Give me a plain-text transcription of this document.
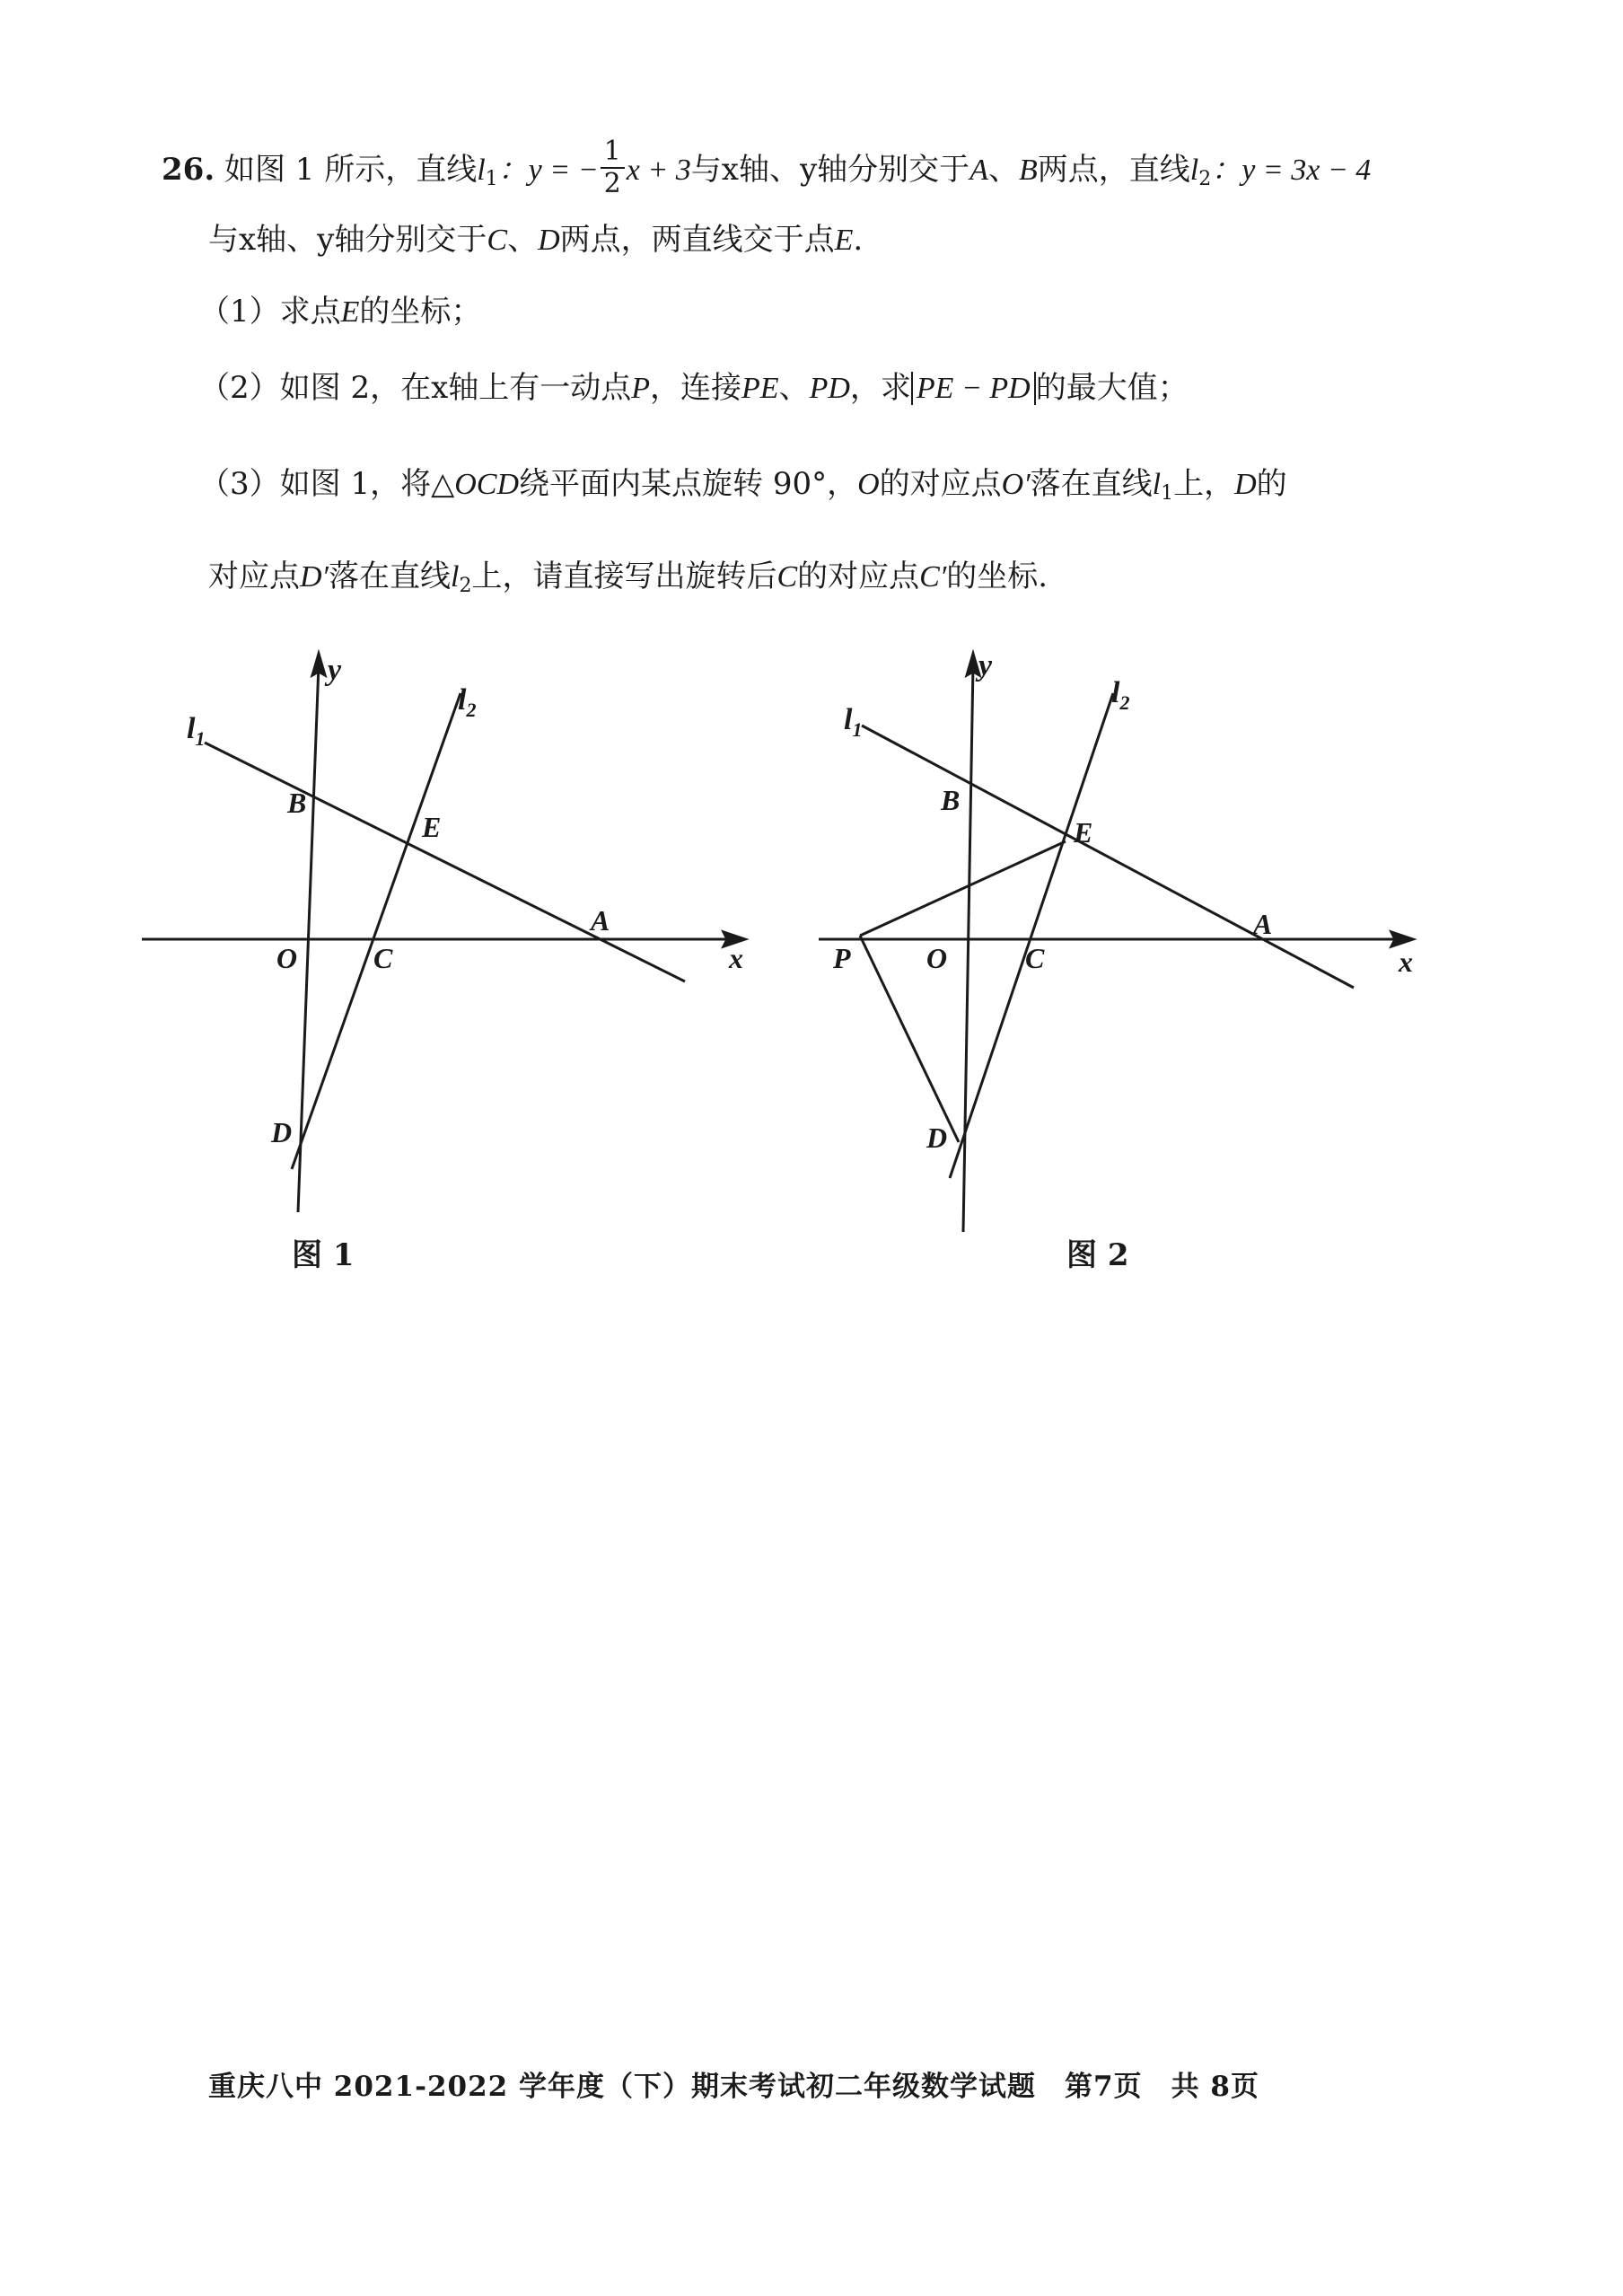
26. 如图 1 所示，直线$l_1$：y = − $\frac{1}{2}$ x + 3与x轴、y轴分别交于A、B两点，直线$l_2$：y = 3x − 4
与x轴、y轴分别交于C、D两点，两直线交于点E.
（1）求点E的坐标；
（2）如图 2，在x轴上有一动点P，连接PE、PD，求 PE − PD 的最大值；
（3）如图 1，将△OCD绕平面内某点旋转 90°，O的对应点O′落在直线$l_1$上，D的
对应点D′落在直线$l_2$上，请直接写出旋转后C的对应点C′的坐标.
y
$l_1$
$l_2$
B
E
A
O	C	x
D
y
$l_1$
$l_2$
B
E
A
P	O	C	x
D
图 1	图 2
重庆八中 2021-2022 学年度（下）期末考试初二年级数学试题　第7页　共 8页
